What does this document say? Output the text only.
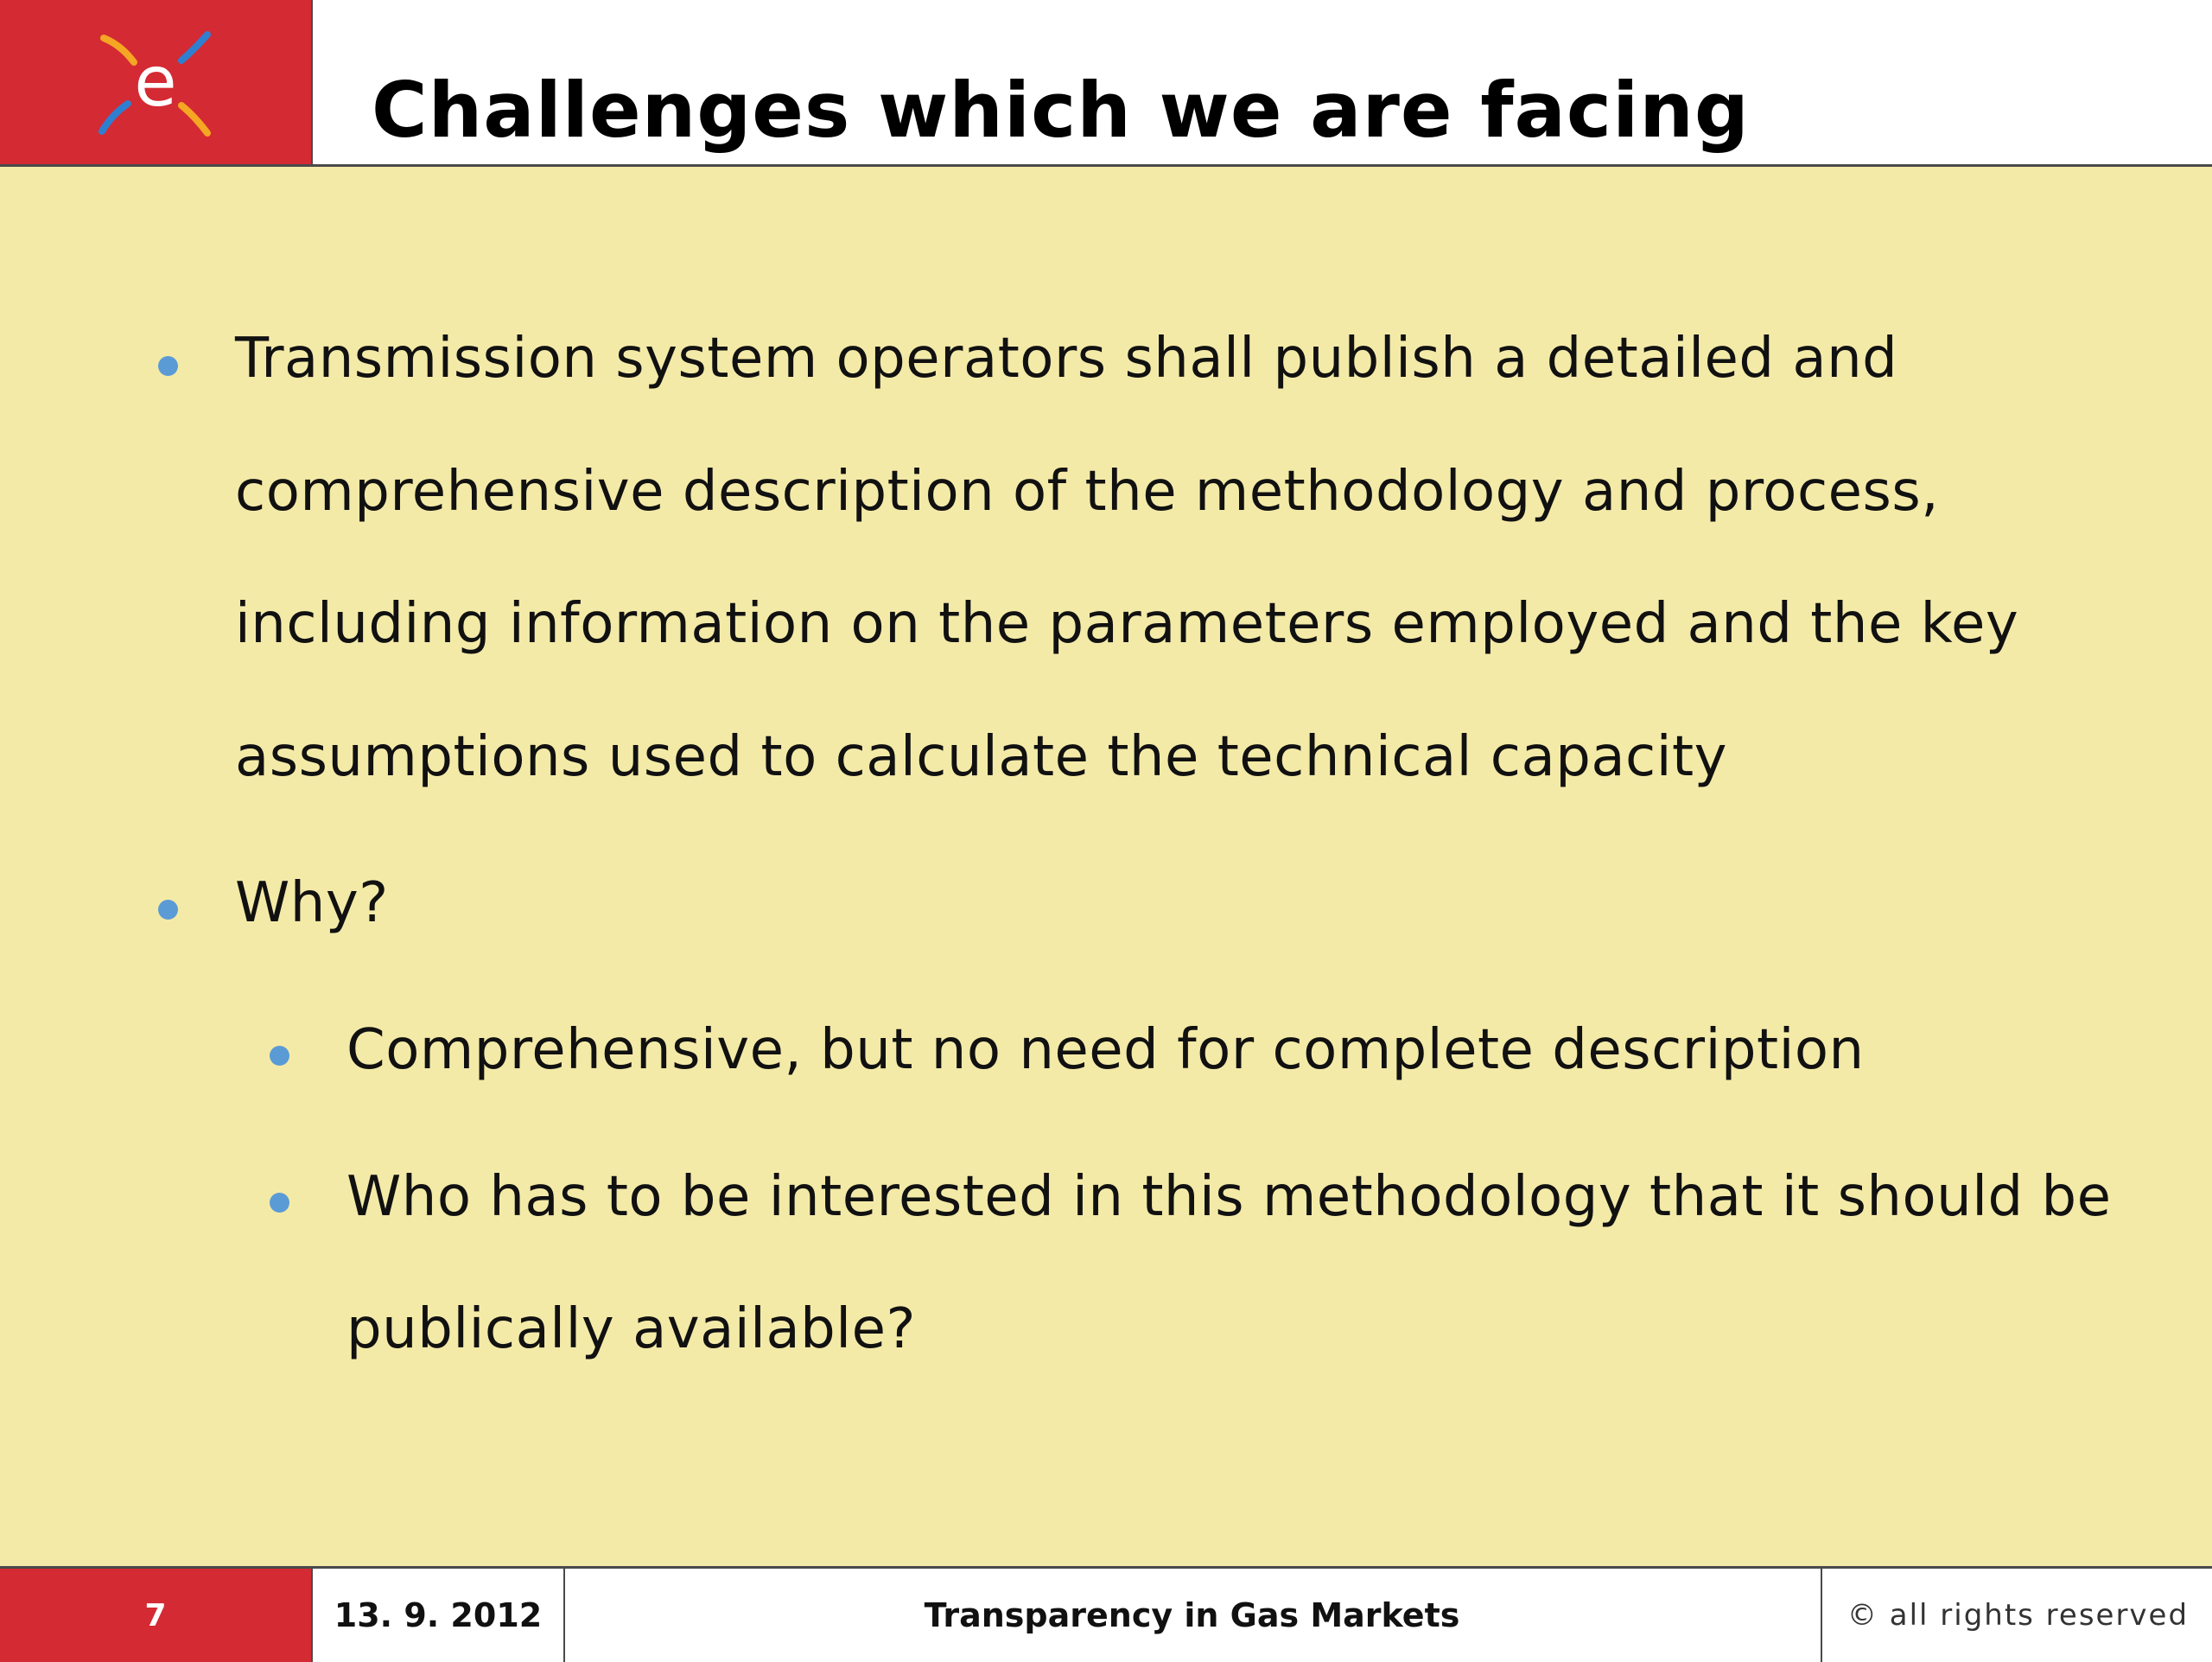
e	Challenges which we are facing
Transmission system operators shall publish a detailed and
comprehensive description of the methodology and process,
including information on the parameters employed and the key
assumptions used to calculate the technical capacity
Why?
Comprehensive, but no need for complete description
Who has to be interested in this methodology that it should be
publically available?
7	13. 9. 2012	Transparency in Gas Markets	© all rights reserved
